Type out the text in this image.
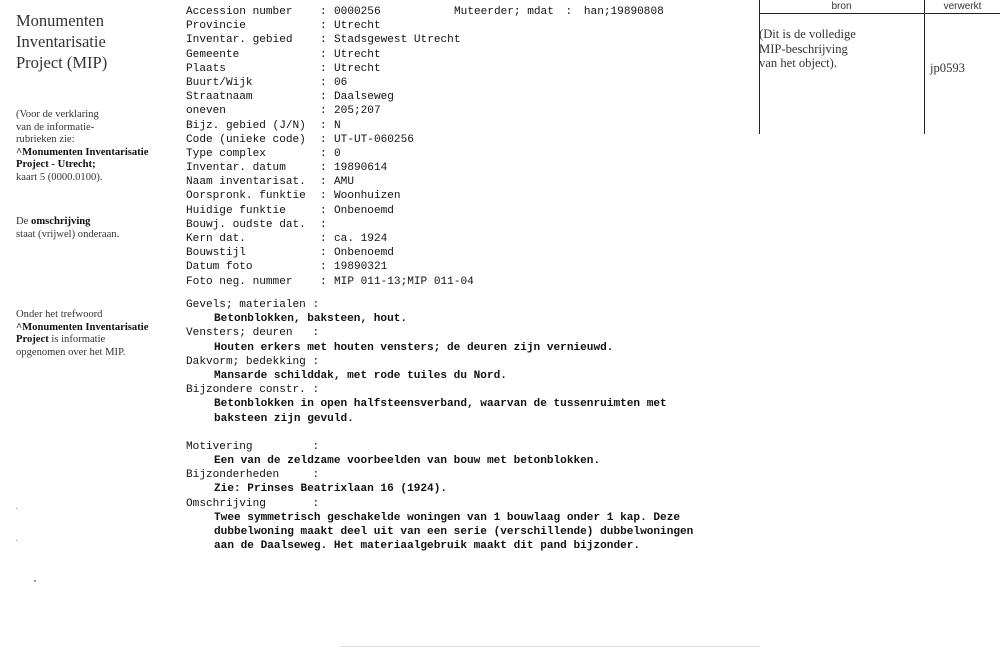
Monumenten
Inventarisatie
Project (MIP)
(Voor de verklaring
van de informatie-
rubrieken zie:
^Monumenten Inventarisatie
Project - Utrecht;
kaart 5 (0000.0100).
De omschrijving
staat (vrijwel) onderaan.
Onder het trefwoord
^Monumenten Inventarisatie
Project is informatie
opgenomen over het MIP.
Accession number	: 0000256
Provincie	: Utrecht
Inventar. gebied	: Stadsgewest Utrecht
Gemeente	: Utrecht
Plaats	: Utrecht
Buurt/Wijk	: 06
Straatnaam	: Daalseweg
oneven	: 205;207
Bijz. gebied (J/N)	: N
Code (unieke code)	: UT-UT-060256
Type complex	: 0
Inventar. datum	: 19890614
Naam inventarisat.	: AMU
Oorspronk. funktie	: Woonhuizen
Huidige funktie	: Onbenoemd
Bouwj. oudste dat.	:
Kern dat.	: ca. 1924
Bouwstijl	: Onbenoemd
Datum foto	: 19890321
Foto neg. nummer	: MIP 011-13;MIP 011-04
Muteerder; mdat : han;19890808
Gevels; materialen :
Betonblokken, baksteen, hout.
Vensters; deuren   :
Houten erkers met houten vensters; de deuren zijn vernieuwd.
Dakvorm; bedekking :
Mansarde schilddak, met rode tuiles du Nord.
Bijzondere constr. :
Betonblokken in open halfsteensverband, waarvan de tussenruimten met
baksteen zijn gevuld.
Motivering         :
Een van de zeldzame voorbeelden van bouw met betonblokken.
Bijzonderheden     :
Zie: Prinses Beatrixlaan 16 (1924).
Omschrijving       :
Twee symmetrisch geschakelde woningen van 1 bouwlaag onder 1 kap. Deze
dubbelwoning maakt deel uit van een serie (verschillende) dubbelwoningen
aan de Daalseweg. Het materiaalgebruik maakt dit pand bijzonder.
bron	verwerkt
(Dit is de volledige
MIP-beschrijving
van het object).	jp0593
